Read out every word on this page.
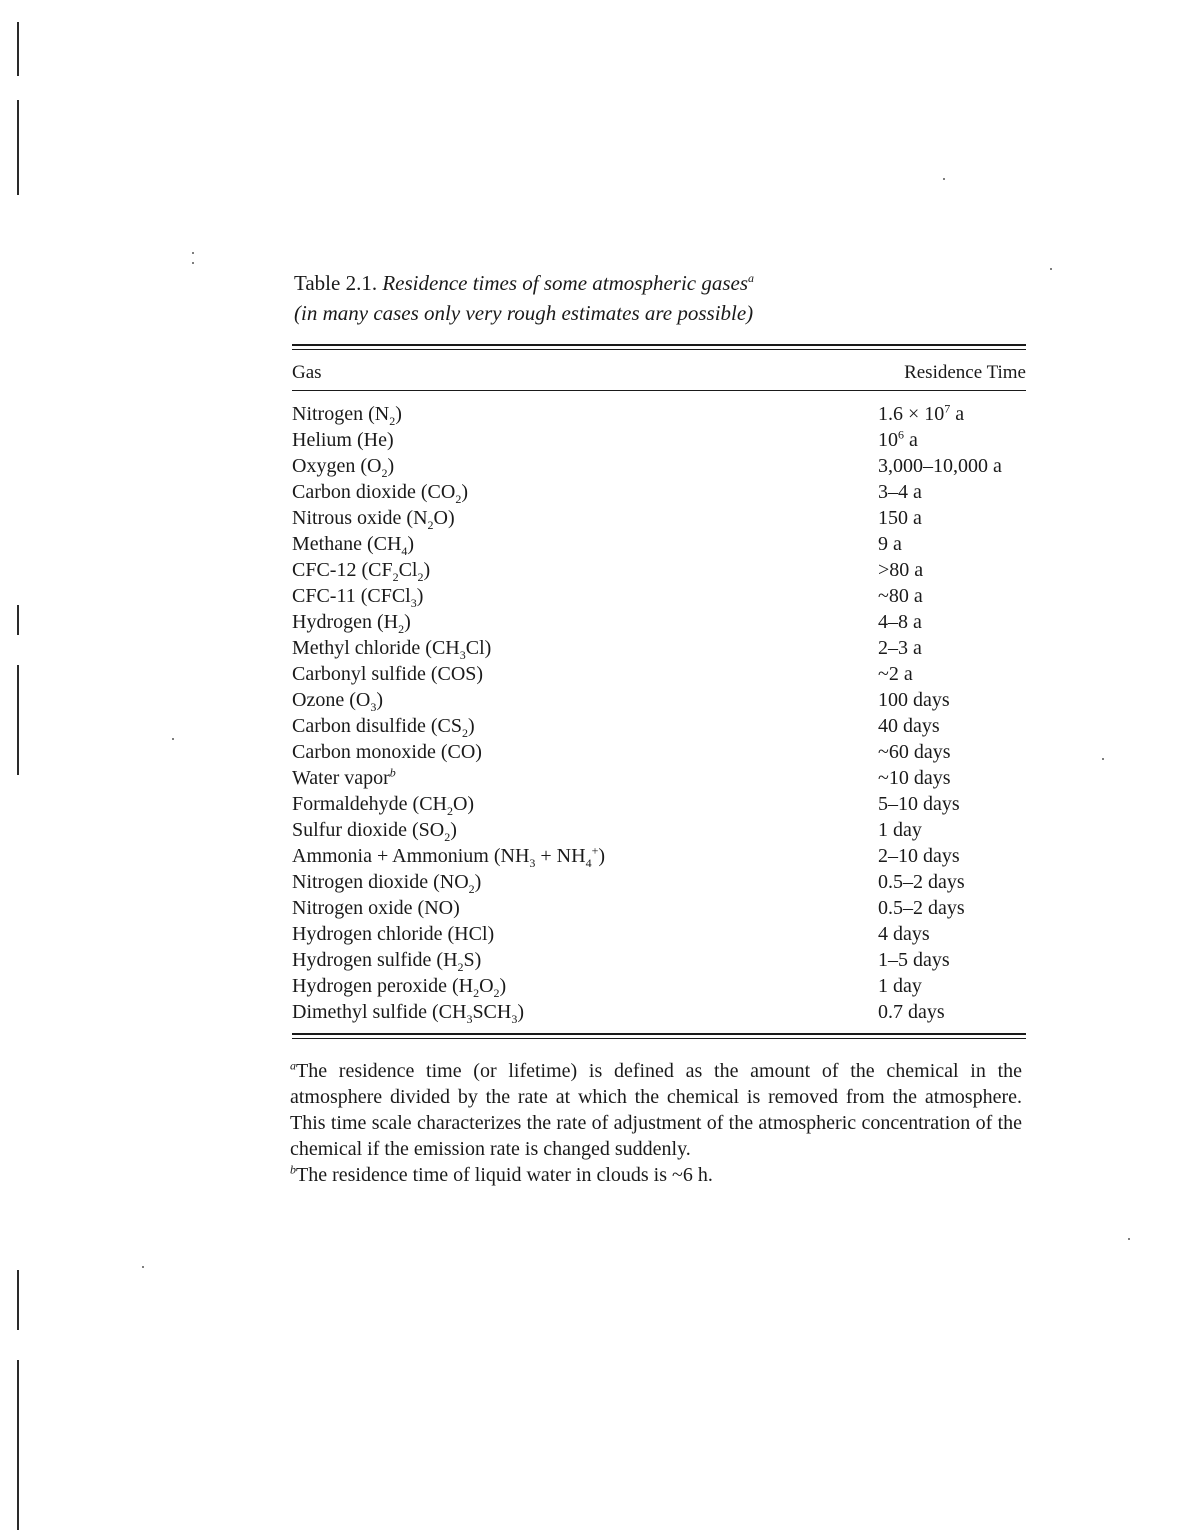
Table 2.1. Residence times of some atmospheric gases$^a$
(in many cases only very rough estimates are possible)
Gas	Residence Time
Nitrogen $(N_2)$	$1.6 \times 10^7$ a
Helium (He)	$10^6$ a
Oxygen $(O_2)$	3,000–10,000 a
Carbon dioxide $(CO_2)$	3–4 a
Nitrous oxide $(N_2O)$	150 a
Methane $(CH_4)$	9 a
CFC-12 $(CF_2Cl_2)$	>80 a
CFC-11 (CFCl$_3$)	~80 a
Hydrogen $(H_2)$	4–8 a
Methyl chloride $(CH_3Cl)$	2–3 a
Carbonyl sulfide (COS)	~2 a
Ozone $(O_3)$	100 days
Carbon disulfide $(CS_2)$	40 days
Carbon monoxide (CO)	~60 days
Water vapor$^b$	~10 days
Formaldehyde $(CH_2O)$	5–10 days
Sulfur dioxide $(SO_2)$	1 day
Ammonia + Ammonium $(NH_3 + NH_4^+)$	2–10 days
Nitrogen dioxide $(NO_2)$	0.5–2 days
Nitrogen oxide (NO)	0.5–2 days
Hydrogen chloride (HCl)	4 days
Hydrogen sulfide $(H_2S)$	1–5 days
Hydrogen peroxide $(H_2O_2)$	1 day
Dimethyl sulfide $(CH_3SCH_3)$	0.7 days

$^a$The residence time (or lifetime) is defined as the amount of the chemical in the atmosphere divided by the rate at which the chemical is removed from the atmosphere. This time scale characterizes the rate of adjustment of the atmospheric concentration of the chemical if the emission rate is changed suddenly.

$^b$The residence time of liquid water in clouds is ~6 h.
